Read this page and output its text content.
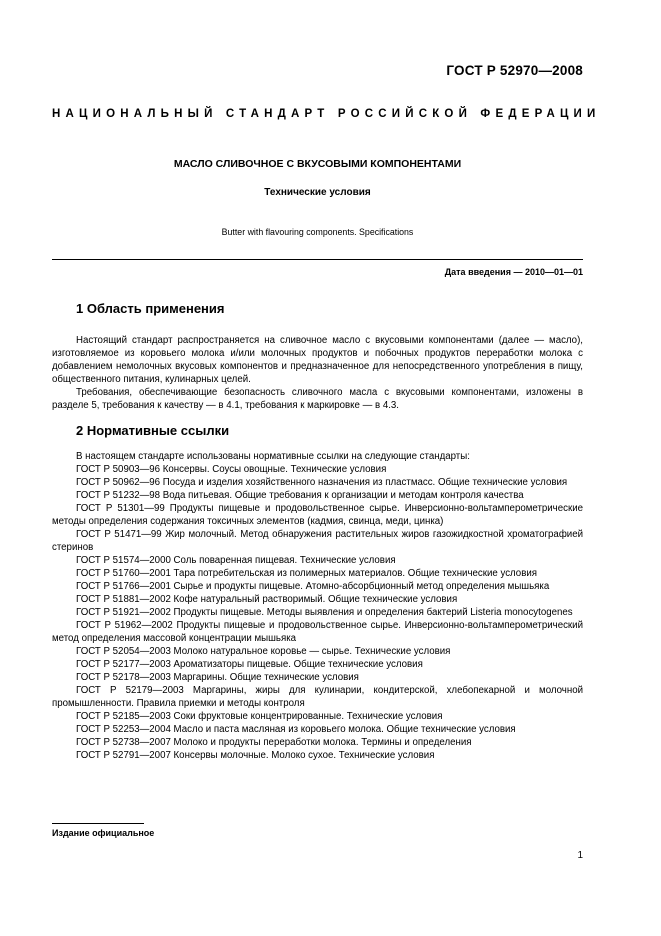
ГОСТ Р 52970—2008
НАЦИОНАЛЬНЫЙ СТАНДАРТ РОССИЙСКОЙ ФЕДЕРАЦИИ
МАСЛО СЛИВОЧНОЕ С ВКУСОВЫМИ КОМПОНЕНТАМИ
Технические условия
Butter with flavouring components. Specifications
Дата введения — 2010—01—01
1 Область применения

Настоящий стандарт распространяется на сливочное масло с вкусовыми компонентами (далее — масло), изготовляемое из коровьего молока и/или молочных продуктов и побочных продуктов переработки молока с добавлением немолочных вкусовых компонентов и предназначенное для непосредственного употребления в пищу, общественного питания, кулинарных целей.

Требования, обеспечивающие безопасность сливочного масла с вкусовыми компонентами, изложены в разделе 5, требования к качеству — в 4.1, требования к маркировке — в 4.3.

2 Нормативные ссылки

В настоящем стандарте использованы нормативные ссылки на следующие стандарты:

ГОСТ Р 50903—96 Консервы. Соусы овощные. Технические условия

ГОСТ Р 50962—96 Посуда и изделия хозяйственного назначения из пластмасс. Общие технические условия

ГОСТ Р 51232—98 Вода питьевая. Общие требования к организации и методам контроля качества

ГОСТ Р 51301—99 Продукты пищевые и продовольственное сырье. Инверсионно-вольтамперометрические методы определения содержания токсичных элементов (кадмия, свинца, меди, цинка)

ГОСТ Р 51471—99 Жир молочный. Метод обнаружения растительных жиров газожидкостной хроматографией стеринов

ГОСТ Р 51574—2000 Соль поваренная пищевая. Технические условия

ГОСТ Р 51760—2001 Тара потребительская из полимерных материалов. Общие технические условия

ГОСТ Р 51766—2001 Сырье и продукты пищевые. Атомно-абсорбционный метод определения мышьяка

ГОСТ Р 51881—2002 Кофе натуральный растворимый. Общие технические условия

ГОСТ Р 51921—2002 Продукты пищевые. Методы выявления и определения бактерий Listeria monocytogenes

ГОСТ Р 51962—2002 Продукты пищевые и продовольственное сырье. Инверсионно-вольтамперометрический метод определения массовой концентрации мышьяка

ГОСТ Р 52054—2003 Молоко натуральное коровье — сырье. Технические условия

ГОСТ Р 52177—2003 Ароматизаторы пищевые. Общие технические условия

ГОСТ Р 52178—2003 Маргарины. Общие технические условия

ГОСТ Р 52179—2003 Маргарины, жиры для кулинарии, кондитерской, хлебопекарной и молочной промышленности. Правила приемки и методы контроля

ГОСТ Р 52185—2003 Соки фруктовые концентрированные. Технические условия

ГОСТ Р 52253—2004 Масло и паста масляная из коровьего молока. Общие технические условия

ГОСТ Р 52738—2007 Молоко и продукты переработки молока. Термины и определения

ГОСТ Р 52791—2007 Консервы молочные. Молоко сухое. Технические условия

Издание официальное
1
